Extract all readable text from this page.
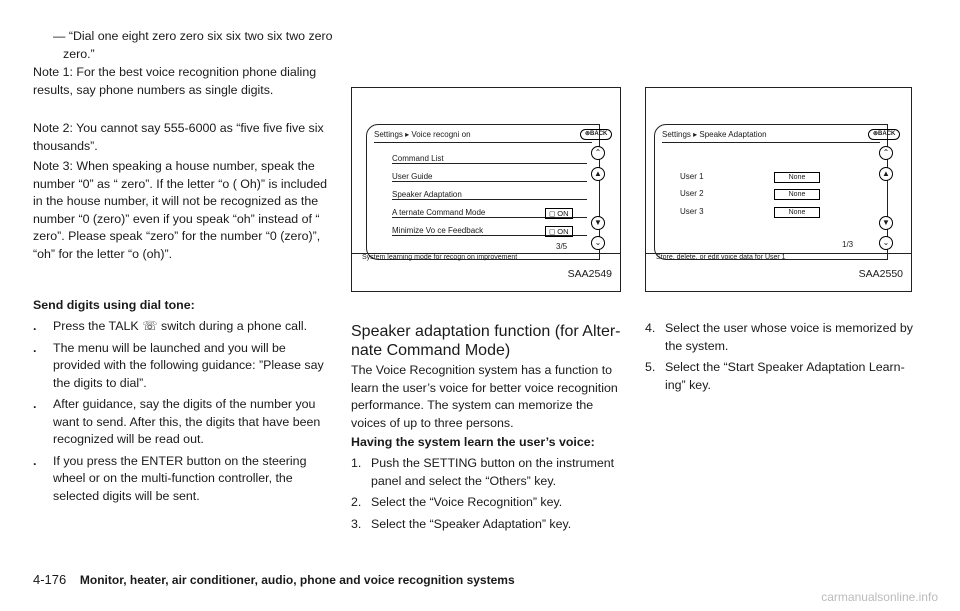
— “Dial one eight zero zero six six two six two zero zero.”

Note 1: For the best voice recognition phone dialing results, say phone numbers as single digits.

Note 2: You cannot say 555-6000 as “five five five six thousands”.

Note 3: When speaking a house number, speak the number “0” as “ zero”. If the letter “o ( Oh)” is included in the house number, it will not be recognized as the number “0 (zero)” even if you speak “oh” instead of “ zero”. Please speak “zero” for the number “0 (zero)”, “oh” for the letter “o (oh)”.

Send digits using dial tone:

. Press the TALK ☏ switch during a phone call.
. The menu will be launched and you will be provided with the following guidance: ”Please say the digits to dial”.
. After guidance, say the digits of the number you want to send. After this, the digits that have been recognized will be read out.
. If you press the ENTER button on the steering wheel or on the multi-function controller, the selected digits will be sent.
Settings ▸ Voice recogni on	⊚BACK
Command List
User Guide
Speaker Adaptation
A ternate Command Mode
Minimize Vo ce Feedback
◻ ON
◻ ON
⌃
▲
▼
⌄
3/5
System learning mode for recogn on improvement
SAA2549
Speaker adaptation function (for Alter-nate Command Mode)

The Voice Recognition system has a function to learn the user’s voice for better voice recognition performance. The system can memorize the voices of up to three persons.

Having the system learn the user’s voice:

1. Push the SETTING button on the instrument panel and select the “Others” key.
2. Select the “Voice Recognition” key.
3. Select the “Speaker Adaptation” key.
Settings ▸ Speake Adaptation	⊚BACK
User 1
User 2
User 3
None
None
None
⌃
▲
▼
⌄
1/3
Store, delete, or edit voice data for User 1
SAA2550
4. Select the user whose voice is memorized by the system.
5. Select the “Start Speaker Adaptation Learn-ing” key.
4-176 Monitor, heater, air conditioner, audio, phone and voice recognition systems
carmanualsonline.info
